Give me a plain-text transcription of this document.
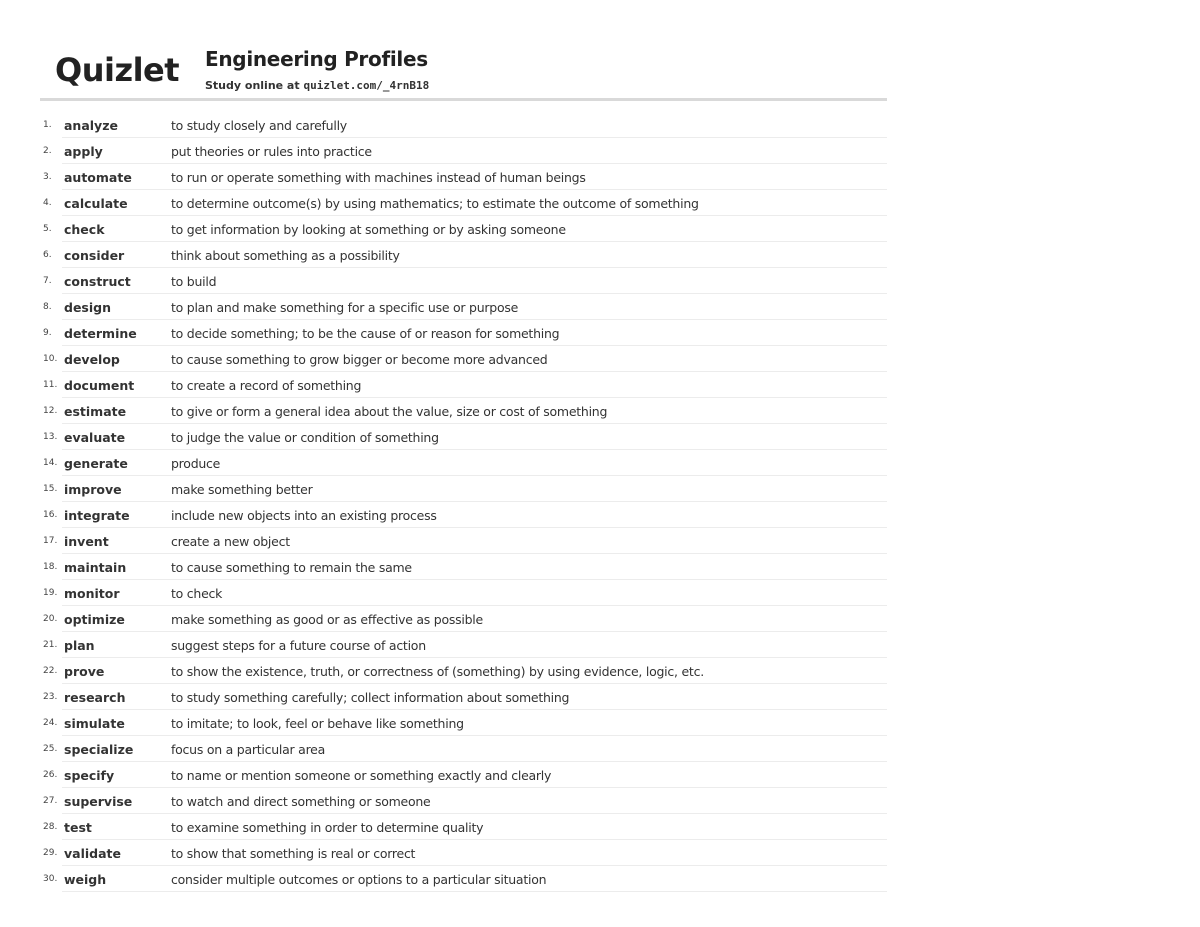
Quizlet Engineering Profiles
Study online at quizlet.com/_4rnB18
1. analyze	to study closely and carefully
2. apply	put theories or rules into practice
3. automate	to run or operate something with machines instead of human beings
4. calculate	to determine outcome(s) by using mathematics; to estimate the outcome of something
5. check	to get information by looking at something or by asking someone
6. consider	think about something as a possibility
7. construct	to build
8. design	to plan and make something for a specific use or purpose
9. determine	to decide something; to be the cause of or reason for something
10. develop	to cause something to grow bigger or become more advanced
11. document	to create a record of something
12. estimate	to give or form a general idea about the value, size or cost of something
13. evaluate	to judge the value or condition of something
14. generate	produce
15. improve	make something better
16. integrate	include new objects into an existing process
17. invent	create a new object
18. maintain	to cause something to remain the same
19. monitor	to check
20. optimize	make something as good or as effective as possible
21. plan	suggest steps for a future course of action
22. prove	to show the existence, truth, or correctness of (something) by using evidence, logic, etc.
23. research	to study something carefully; collect information about something
24. simulate	to imitate; to look, feel or behave like something
25. specialize	focus on a particular area
26. specify	to name or mention someone or something exactly and clearly
27. supervise	to watch and direct something or someone
28. test	to examine something in order to determine quality
29. validate	to show that something is real or correct
30. weigh	consider multiple outcomes or options to a particular situation
